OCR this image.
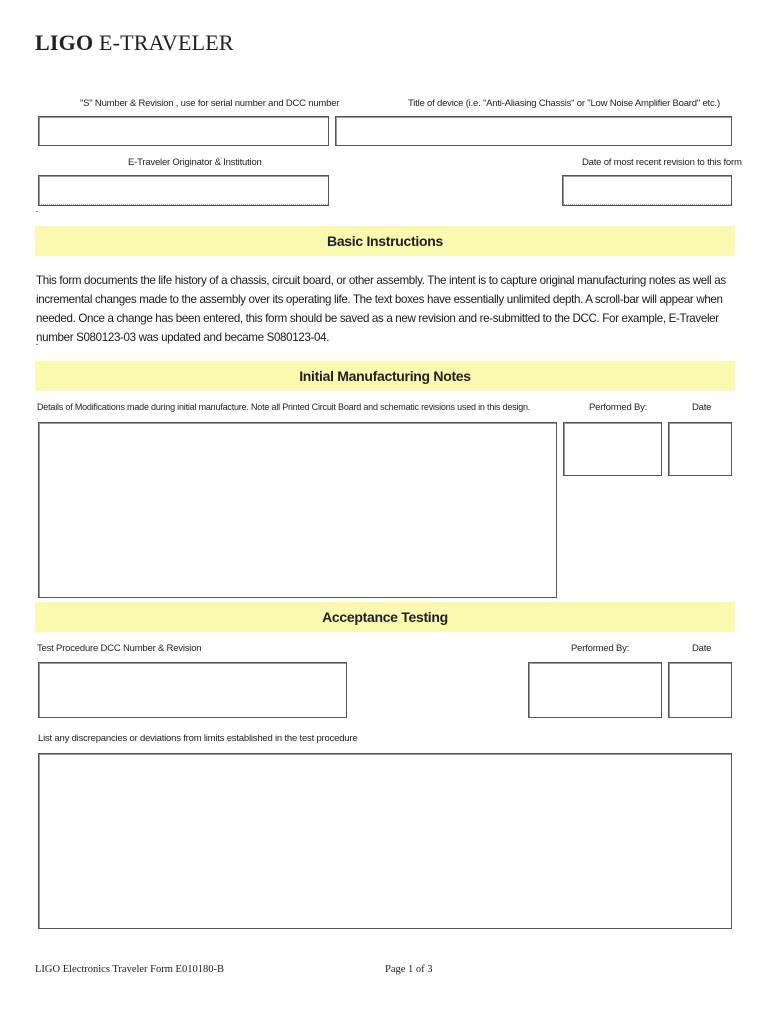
LIGO E-TRAVELER
"S" Number & Revision , use for serial number and DCC number	Title of device (i.e. "Anti-Aliasing Chassis" or "Low Noise Amplifier Board" etc.)
E-Traveler Originator & Institution	Date of most recent revision to this form
Basic Instructions
This form documents the life history of a chassis, circuit board, or other assembly. The intent is to capture original manufacturing notes as well as incremental changes made to the assembly over its operating life. The text boxes have essentially unlimited depth. A scroll-bar will appear when needed. Once a change has been entered, this form should be saved as a new revision and re-submitted to the DCC. For example, E-Traveler number S080123-03 was updated and became S080123-04.
Initial Manufacturing Notes
Details of Modifications made during initial manufacture. Note all Printed Circuit Board and schematic revisions used in this design.	Performed By:	Date
Acceptance Testing
Test Procedure DCC Number & Revision	Performed By:	Date
List any discrepancies or deviations from limits established in the test procedure
LIGO Electronics Traveler Form E010180-B	Page 1 of 3
